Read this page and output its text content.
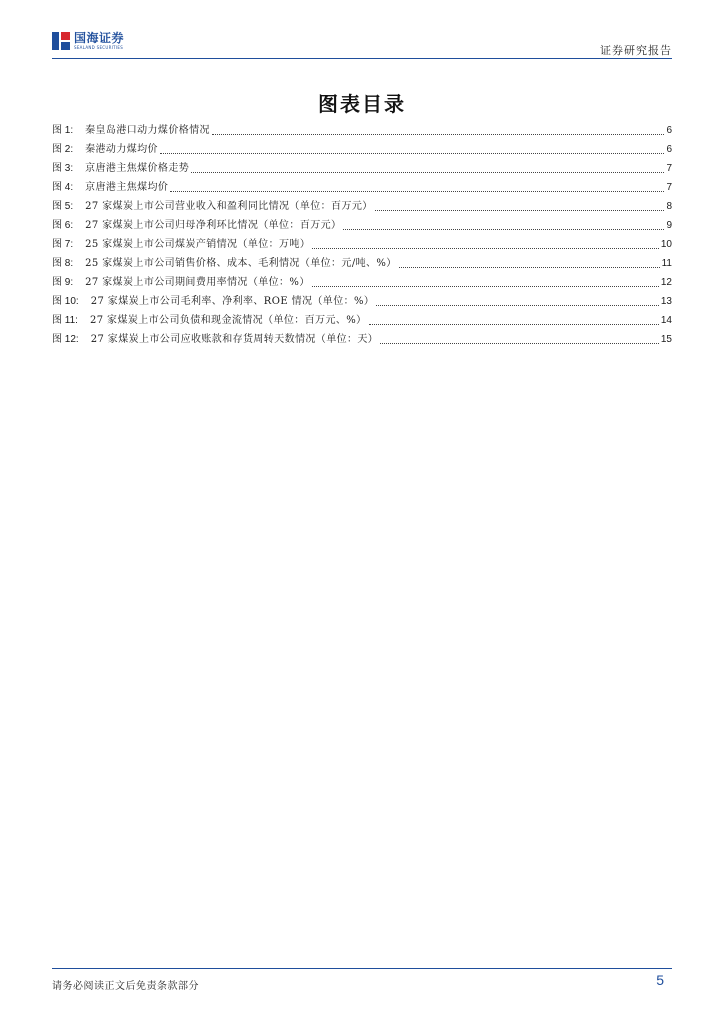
国海证券
SEALAND SECURITIES	证券研究报告
图表目录
图 1: 秦皇岛港口动力煤价格情况	6
图 2: 秦港动力煤均价	6
图 3: 京唐港主焦煤价格走势	7
图 4: 京唐港主焦煤均价	7
图 5: 27 家煤炭上市公司营业收入和盈利同比情况（单位：百万元）	8
图 6: 27 家煤炭上市公司归母净利环比情况（单位：百万元）	9
图 7: 25 家煤炭上市公司煤炭产销情况（单位：万吨）	10
图 8: 25 家煤炭上市公司销售价格、成本、毛利情况（单位：元/吨、%）	11
图 9: 27 家煤炭上市公司期间费用率情况（单位：%）	12
图 10: 27 家煤炭上市公司毛利率、净利率、ROE 情况（单位：%）	13
图 11: 27 家煤炭上市公司负债和现金流情况（单位：百万元、%）	14
图 12: 27 家煤炭上市公司应收账款和存货周转天数情况（单位：天）	15
请务必阅读正文后免责条款部分	5
